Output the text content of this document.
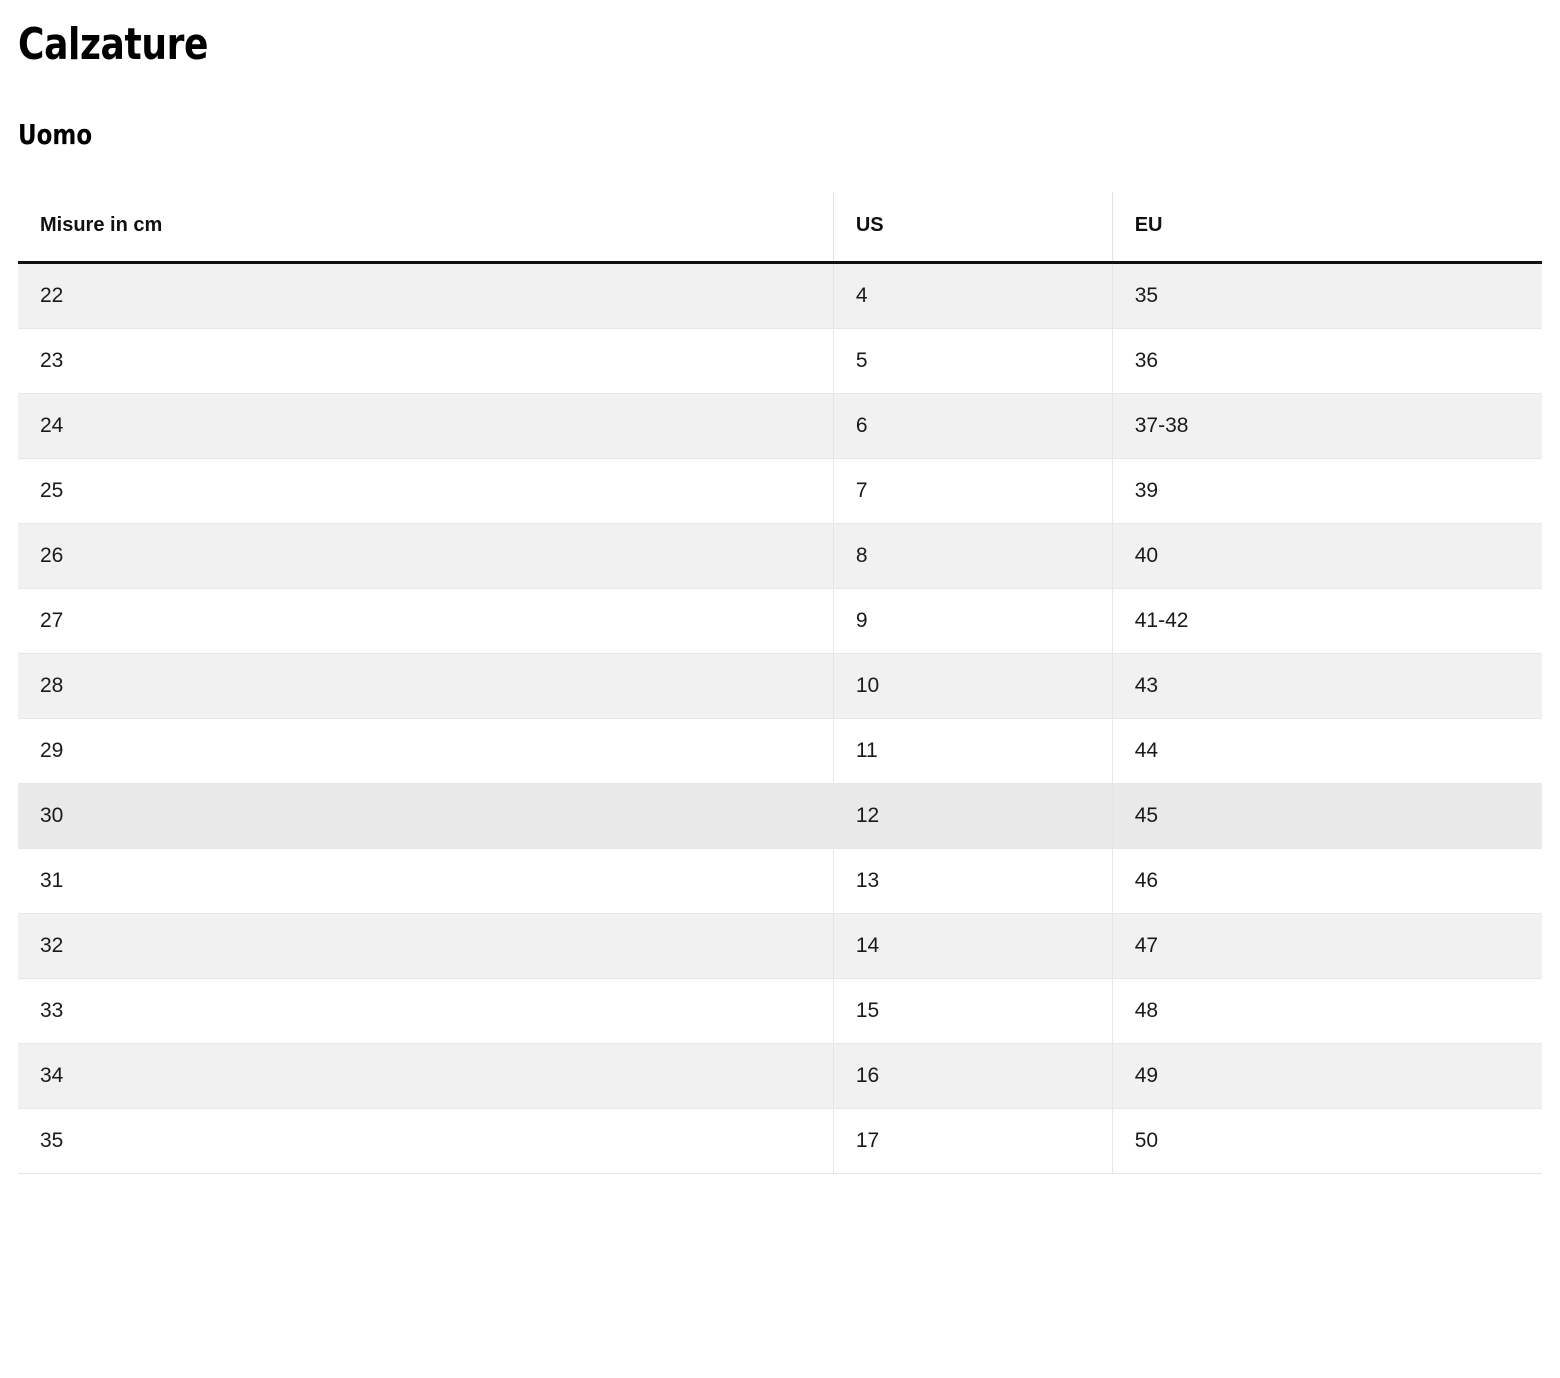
Calzature
Uomo
Misure in cm	US	EU
22	4	35
23	5	36
24	6	37-38
25	7	39
26	8	40
27	9	41-42
28	10	43
29	11	44
30	12	45
31	13	46
32	14	47
33	15	48
34	16	49
35	17	50
